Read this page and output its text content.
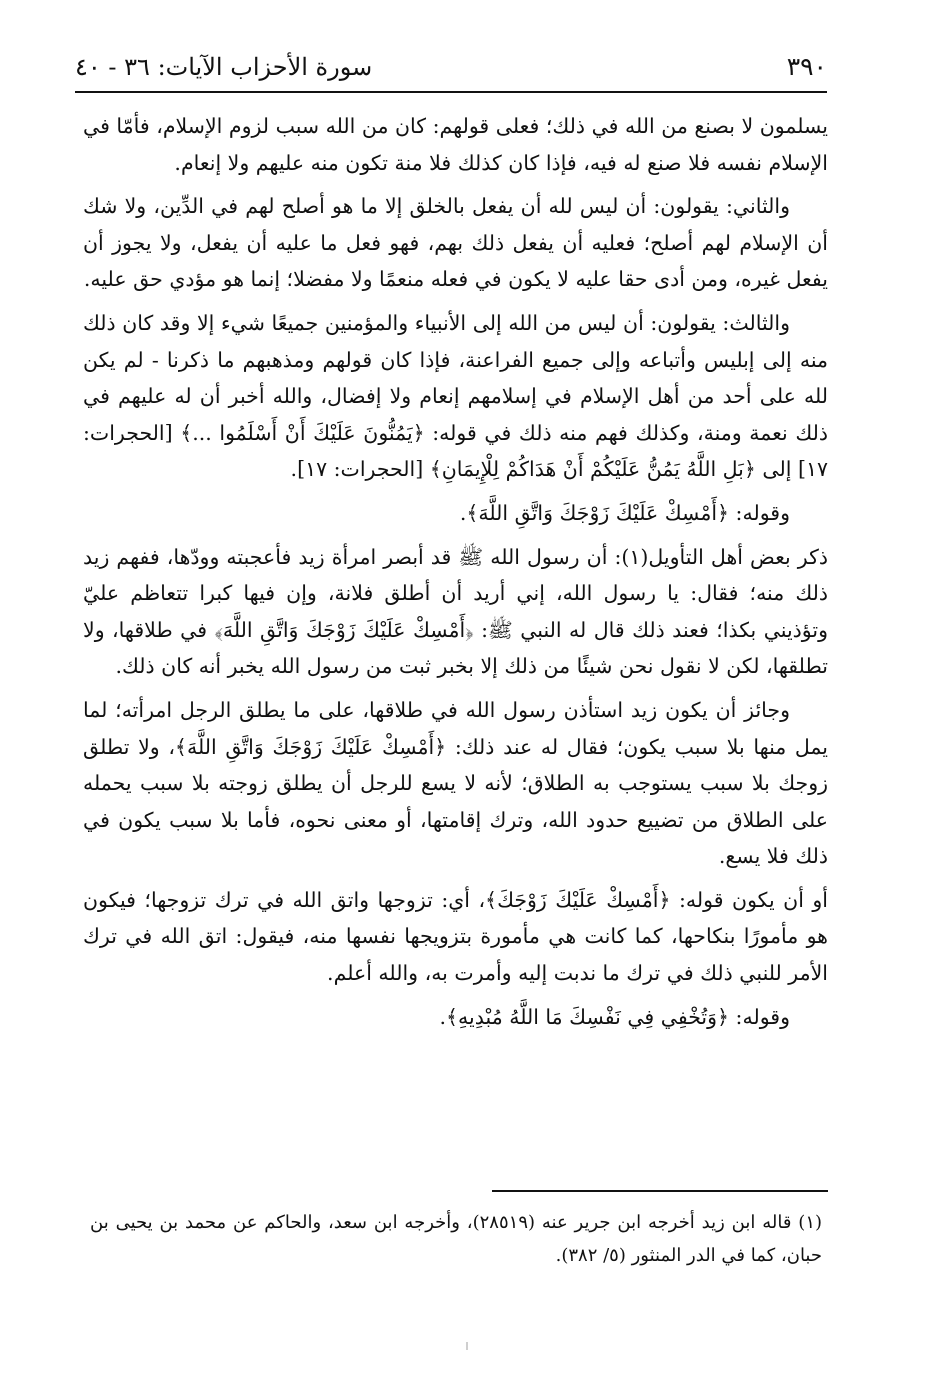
٣٩٠
سورة الأحزاب الآيات: ٣٦ - ٤٠

يسلمون لا بصنع من الله في ذلك؛ فعلى قولهم: كان من الله سبب لزوم الإسلام، فأمّا في الإسلام نفسه فلا صنع له فيه، فإذا كان كذلك فلا منة تكون منه عليهم ولا إنعام.

والثاني: يقولون: أن ليس لله أن يفعل بالخلق إلا ما هو أصلح لهم في الدِّين، ولا شك أن الإسلام لهم أصلح؛ فعليه أن يفعل ذلك بهم، فهو فعل ما عليه أن يفعل، ولا يجوز أن يفعل غيره، ومن أدى حقا عليه لا يكون في فعله منعمًا ولا مفضلا؛ إنما هو مؤدي حق عليه.

والثالث: يقولون: أن ليس من الله إلى الأنبياء والمؤمنين جميعًا شيء إلا وقد كان ذلك منه إلى إبليس وأتباعه وإلى جميع الفراعنة، فإذا كان قولهم ومذهبهم ما ذكرنا - لم يكن لله على أحد من أهل الإسلام في إسلامهم إنعام ولا إفضال، والله أخبر أن له عليهم في ذلك نعمة ومنة، وكذلك فهم منه ذلك في قوله: ﴿يَمُنُّونَ عَلَيْكَ أَنْ أَسْلَمُوا ...﴾ [الحجرات: ١٧] إلى ﴿بَلِ اللَّهُ يَمُنُّ عَلَيْكُمْ أَنْ هَدَاكُمْ لِلْإِيمَانِ﴾ [الحجرات: ١٧].

وقوله: ﴿أَمْسِكْ عَلَيْكَ زَوْجَكَ وَاتَّقِ اللَّهَ﴾.

ذكر بعض أهل التأويل(١): أن رسول الله ﷺ قد أبصر امرأة زيد فأعجبته وودّها، ففهم زيد ذلك منه؛ فقال: يا رسول الله، إني أريد أن أطلق فلانة، وإن فيها كبرا تتعاظم عليّ وتؤذيني بكذا؛ فعند ذلك قال له النبي ﷺ: ﴿أَمْسِكْ عَلَيْكَ زَوْجَكَ وَاتَّقِ اللَّهَ﴾ في طلاقها، ولا تطلقها، لكن لا نقول نحن شيئًا من ذلك إلا بخبر ثبت من رسول الله يخبر أنه كان ذلك.

وجائز أن يكون زيد استأذن رسول الله في طلاقها، على ما يطلق الرجل امرأته؛ لما يمل منها بلا سبب يكون؛ فقال له عند ذلك: ﴿أَمْسِكْ عَلَيْكَ زَوْجَكَ وَاتَّقِ اللَّهَ﴾، ولا تطلق زوجك بلا سبب يستوجب به الطلاق؛ لأنه لا يسع للرجل أن يطلق زوجته بلا سبب يحمله على الطلاق من تضييع حدود الله، وترك إقامتها، أو معنى نحوه، فأما بلا سبب يكون في ذلك فلا يسع.

أو أن يكون قوله: ﴿أَمْسِكْ عَلَيْكَ زَوْجَكَ﴾، أي: تزوجها واتق الله في ترك تزوجها؛ فيكون هو مأمورًا بنكاحها، كما كانت هي مأمورة بتزويجها نفسها منه، فيقول: اتق الله في ترك الأمر للنبي ذلك في ترك ما ندبت إليه وأمرت به، والله أعلم.

وقوله: ﴿وَتُخْفِي فِي نَفْسِكَ مَا اللَّهُ مُبْدِيهِ﴾.

(١) قاله ابن زيد أخرجه ابن جرير عنه (٢٨٥١٩)، وأخرجه ابن سعد، والحاكم عن محمد بن يحيى بن حبان، كما في الدر المنثور (٥/ ٣٨٢).
